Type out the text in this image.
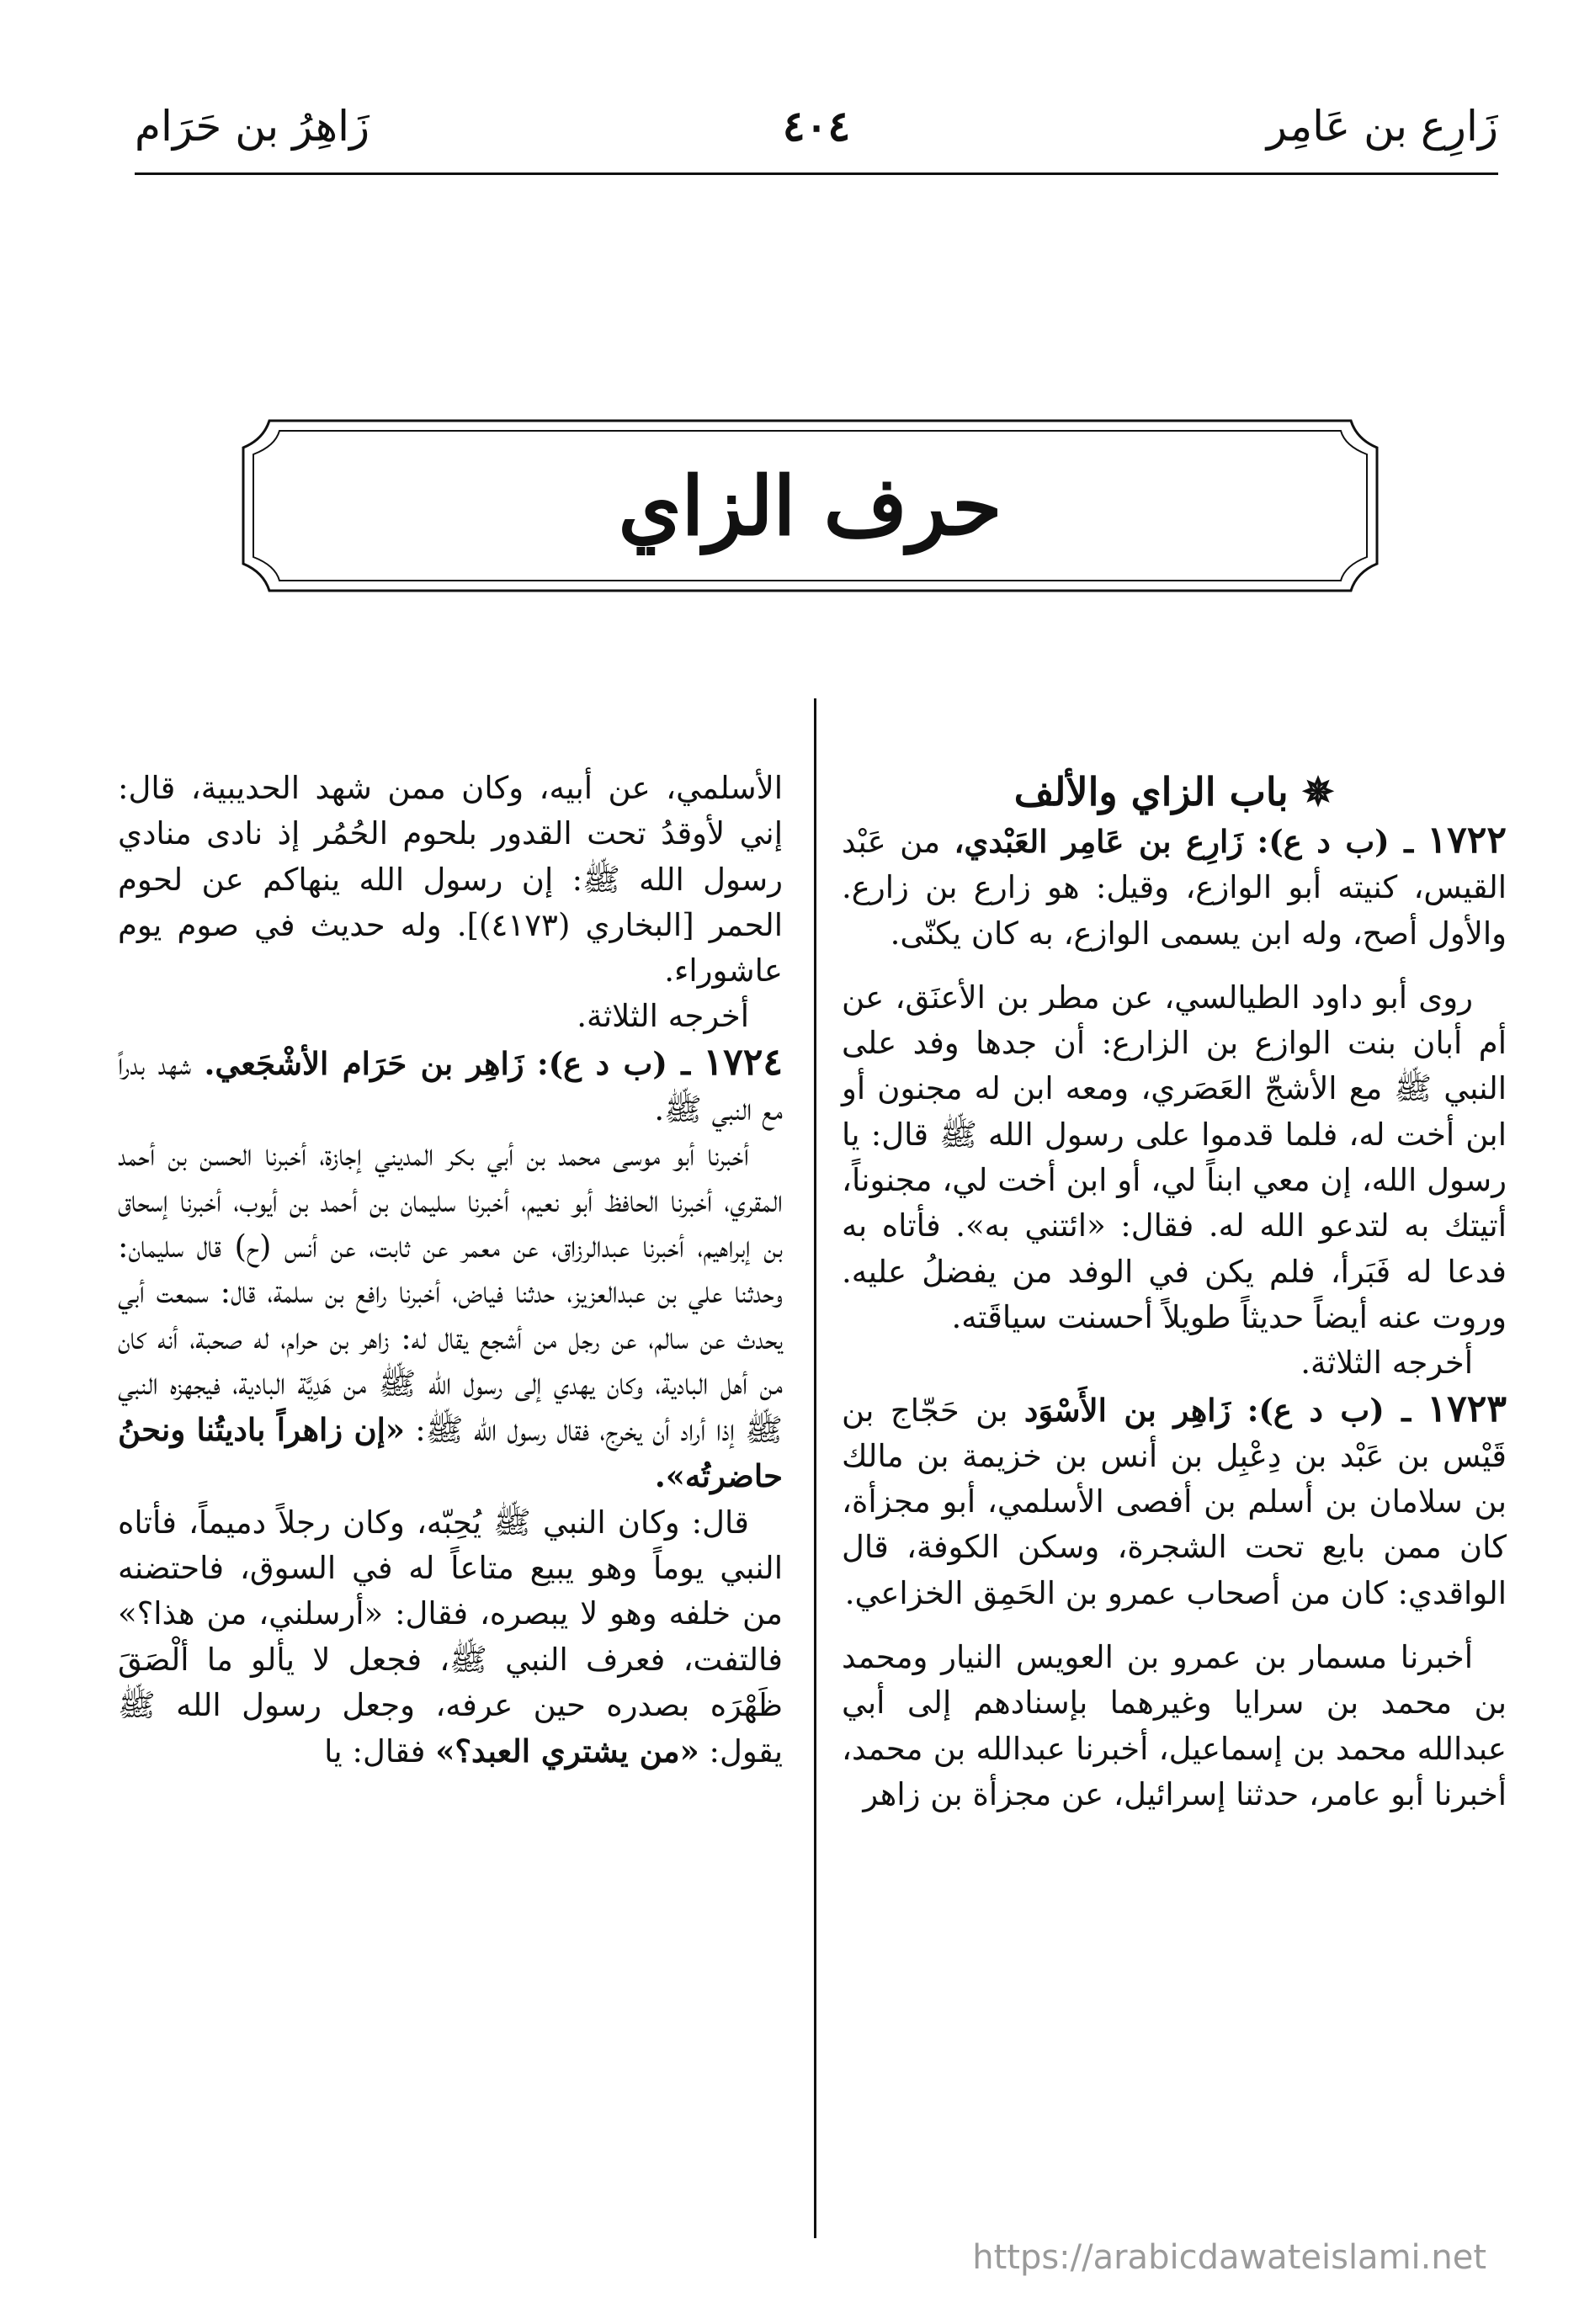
زَارِع بن عَامِر
٤٠٤
زَاهِرُ بن حَرَام
حرف الزاي

✵ باب الزاي والألف

١٧٢٢ ـ (ب د ع): زَارِع بن عَامِر العَبْدي، من عَبْد القيس، كنيته أبو الوازع، وقيل: هو زارع بن زارع. والأول أصح، وله ابن يسمى الوازع، به كان يكنّى.

روى أبو داود الطيالسي، عن مطر بن الأعنَق، عن أم أبان بنت الوازع بن الزارع: أن جدها وفد على النبي ﷺ مع الأشجّ العَصَري، ومعه ابن له مجنون أو ابن أخت له، فلما قدموا على رسول الله ﷺ قال: يا رسول الله، إن معي ابناً لي، أو ابن أخت لي، مجنوناً، أتيتك به لتدعو الله له. فقال: «ائتني به». فأتاه به فدعا له فَبَرأ، فلم يكن في الوفد من يفضلُ عليه. وروت عنه أيضاً حديثاً طويلاً أحسنت سياقَته.

أخرجه الثلاثة.

١٧٢٣ ـ (ب د ع): زَاهِر بن الأَسْوَد بن حَجّاج بن قَيْس بن عَبْد بن دِعْبِل بن أنس بن خزيمة بن مالك بن سلامان بن أسلم بن أفصى الأسلمي، أبو مجزأة، كان ممن بايع تحت الشجرة، وسكن الكوفة، قال الواقدي: كان من أصحاب عمرو بن الحَمِق الخزاعي.

أخبرنا مسمار بن عمرو بن العويس النيار ومحمد بن محمد بن سرايا وغيرهما بإسنادهم إلى أبي عبدالله محمد بن إسماعيل، أخبرنا عبدالله بن محمد، أخبرنا أبو عامر، حدثنا إسرائيل، عن مجزأة بن زاهر

الأسلمي، عن أبيه، وكان ممن شهد الحديبية، قال: إني لأوقدُ تحت القدور بلحوم الحُمُر إذ نادى منادي رسول الله ﷺ: إن رسول الله ينهاكم عن لحوم الحمر [البخاري (٤١٧٣)]. وله حديث في صوم يوم عاشوراء.

أخرجه الثلاثة.

١٧٢٤ ـ (ب د ع): زَاهِر بن حَرَام الأشْجَعي. شهد بدراً مع النبي ﷺ.

أخبرنا أبو موسى محمد بن أبي بكر المديني إجازة، أخبرنا الحسن بن أحمد المقري، أخبرنا الحافظ أبو نعيم، أخبرنا سليمان بن أحمد بن أيوب، أخبرنا إسحاق بن إبراهيم، أخبرنا عبدالرزاق، عن معمر عن ثابت، عن أنس (ح) قال سليمان: وحدثنا علي بن عبدالعزيز، حدثنا فياض، أخبرنا رافع بن سلمة، قال: سمعت أبي يحدث عن سالم، عن رجل من أشجع يقال له: زاهر بن حرام، له صحبة، أنه كان من أهل البادية، وكان يهدي إلى رسول الله ﷺ من هَدِيَّة البادية، فيجهزه النبي ﷺ إذا أراد أن يخرج، فقال رسول الله ﷺ: «إن زاهراً باديتُنا ونحنُ حاضرتُه».

قال: وكان النبي ﷺ يُحِبّه، وكان رجلاً دميماً، فأتاه النبي يوماً وهو يبيع متاعاً له في السوق، فاحتضنه من خلفه وهو لا يبصره، فقال: «أرسلني، من هذا؟» فالتفت، فعرف النبي ﷺ، فجعل لا يألو ما ألْصَقَ ظَهْرَه بصدره حين عرفه، وجعل رسول الله ﷺ يقول: «من يشتري العبد؟» فقال: يا

https://arabicdawateislami.net
